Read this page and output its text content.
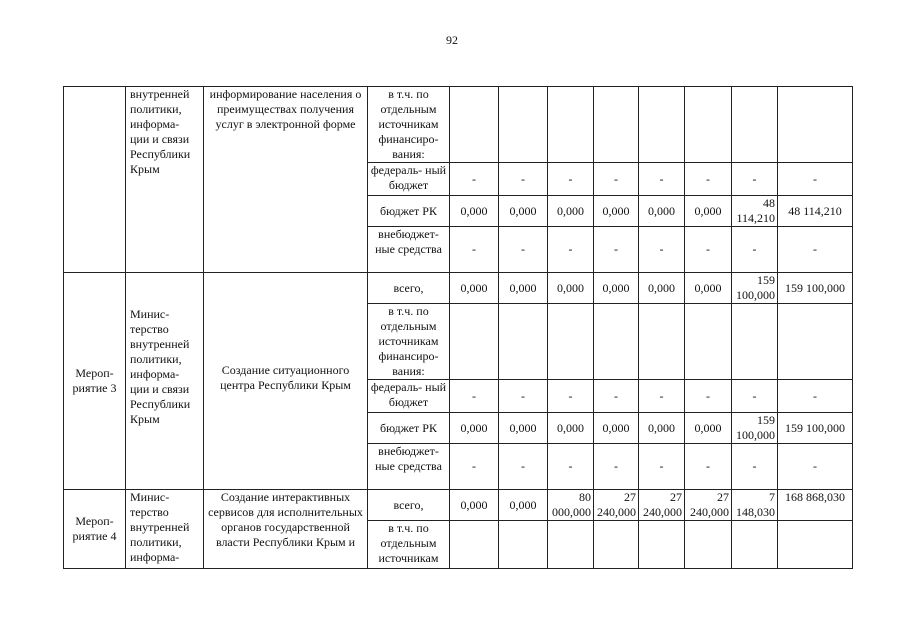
92
	внутренней политики, информа- ции и связи Республики Крым	информирование населения о преимуществах получения услуг в электронной форме	в т.ч. по отдельным источникам финансиро- вания:								
			федераль- ный бюджет	-	-	-	-	-	-	-	-
			бюджет РК	0,000	0,000	0,000	0,000	0,000	0,000	48 114,210	48 114,210
			внебюджет- ные средства	-	-	-	-	-	-	-	-
Мероп- риятие 3	Минис- терство внутренней политики, информа- ции и связи Республики Крым	Создание ситуационного центра Республики Крым	всего,	0,000	0,000	0,000	0,000	0,000	0,000	159 100,000	159 100,000
			в т.ч. по отдельным источникам финансиро- вания:								
			федераль- ный бюджет	-	-	-	-	-	-	-	-
			бюджет РК	0,000	0,000	0,000	0,000	0,000	0,000	159 100,000	159 100,000
			внебюджет- ные средства	-	-	-	-	-	-	-	-
Мероп- риятие 4	Минис- терство внутренней политики, информа-	Создание интерактивных сервисов для исполнительных органов государственной власти Республики Крым и	всего,	0,000	0,000	80 000,000	27 240,000	27 240,000	27 240,000	7 148,030	168 868,030
			в т.ч. по отдельным источникам								
